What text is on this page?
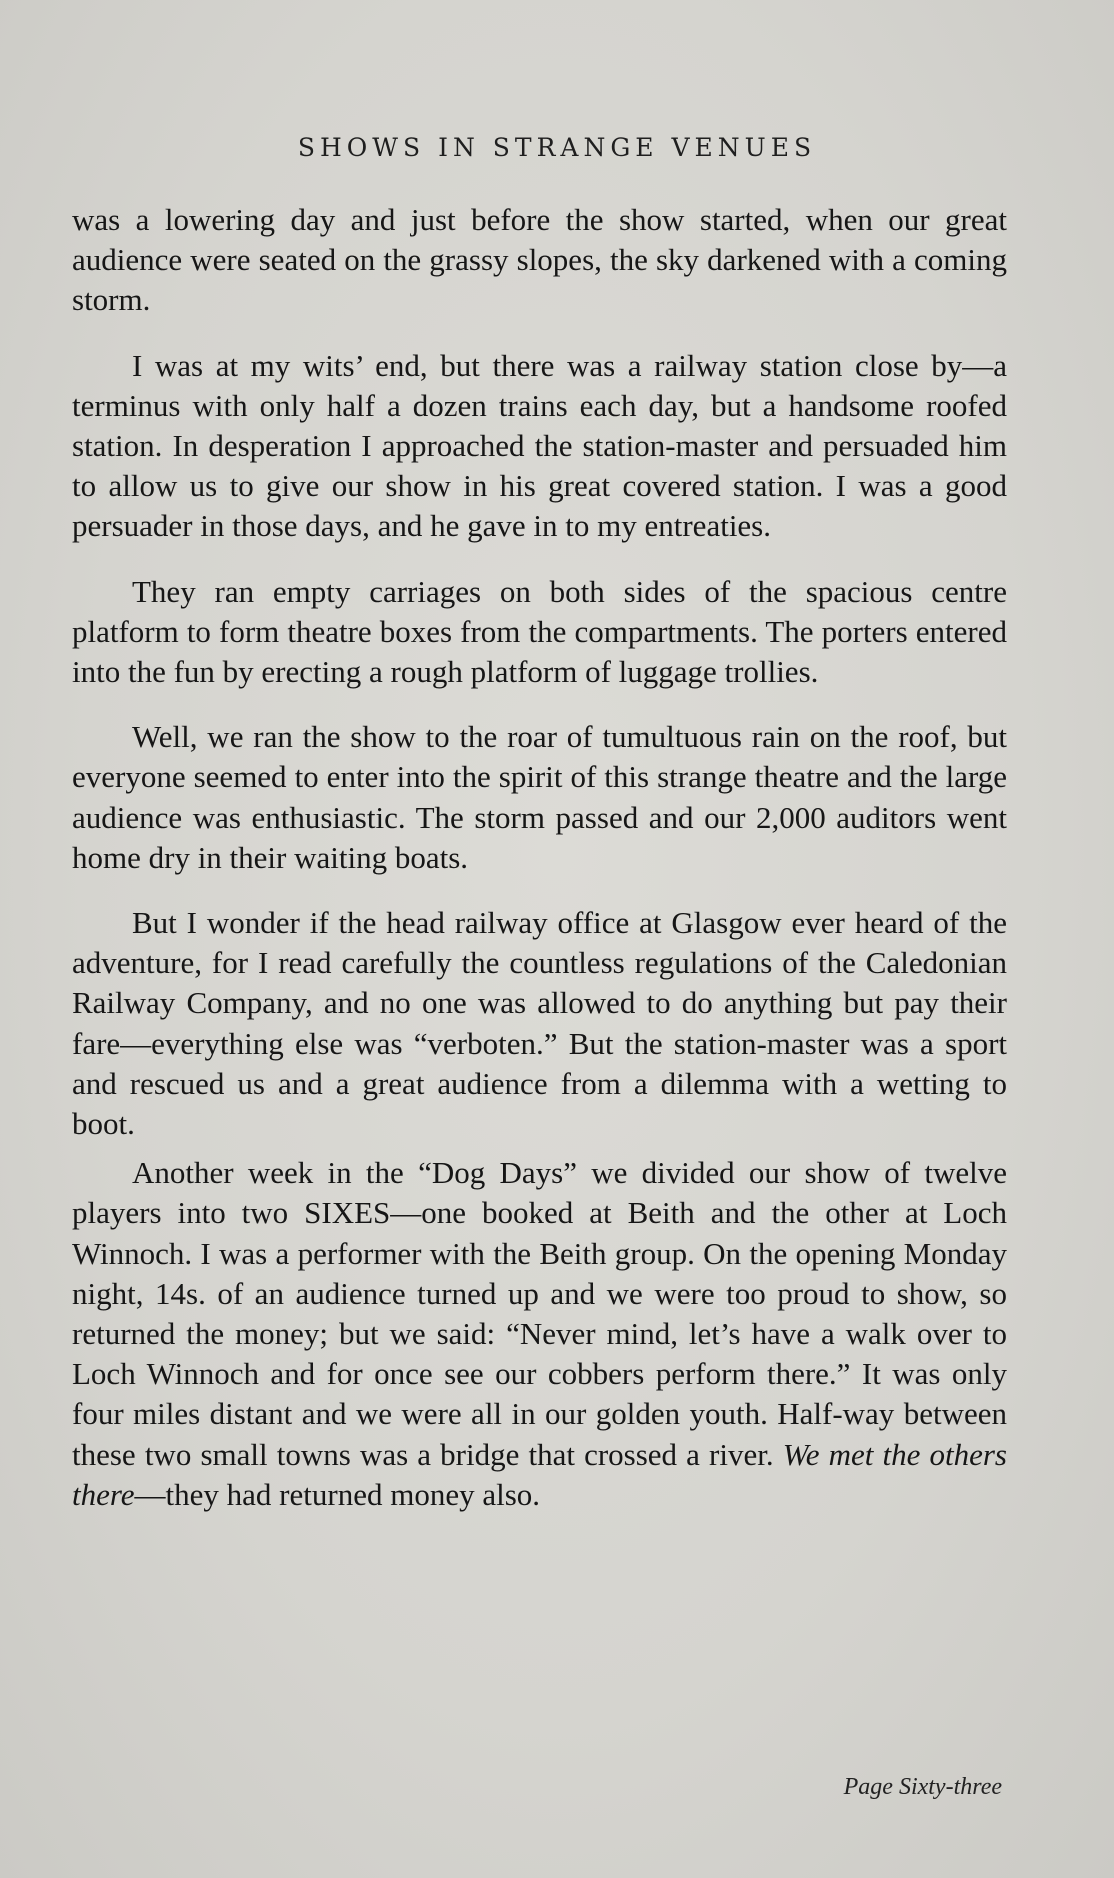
SHOWS IN STRANGE VENUES

was a lowering day and just before the show started, when our great audience were seated on the grassy slopes, the sky darkened with a coming storm.

I was at my wits’ end, but there was a railway station close by—a terminus with only half a dozen trains each day, but a handsome roofed station. In desperation I approached the station-master and persuaded him to allow us to give our show in his great covered station. I was a good persuader in those days, and he gave in to my entreaties.

They ran empty carriages on both sides of the spacious centre platform to form theatre boxes from the compartments. The porters entered into the fun by erecting a rough platform of luggage trollies.

Well, we ran the show to the roar of tumultuous rain on the roof, but everyone seemed to enter into the spirit of this strange theatre and the large audience was enthusiastic. The storm passed and our 2,000 auditors went home dry in their waiting boats.

But I wonder if the head railway office at Glasgow ever heard of the adventure, for I read carefully the countless regulations of the Caledonian Railway Company, and no one was allowed to do anything but pay their fare—everything else was “verboten.” But the station-master was a sport and rescued us and a great audience from a dilemma with a wetting to boot.

Another week in the “Dog Days” we divided our show of twelve players into two SIXES—one booked at Beith and the other at Loch Winnoch. I was a performer with the Beith group. On the opening Monday night, 14s. of an audience turned up and we were too proud to show, so returned the money; but we said: “Never mind, let’s have a walk over to Loch Winnoch and for once see our cobbers perform there.” It was only four miles distant and we were all in our golden youth. Half-way between these two small towns was a bridge that crossed a river. We met the others there—they had returned money also.

Page Sixty-three
